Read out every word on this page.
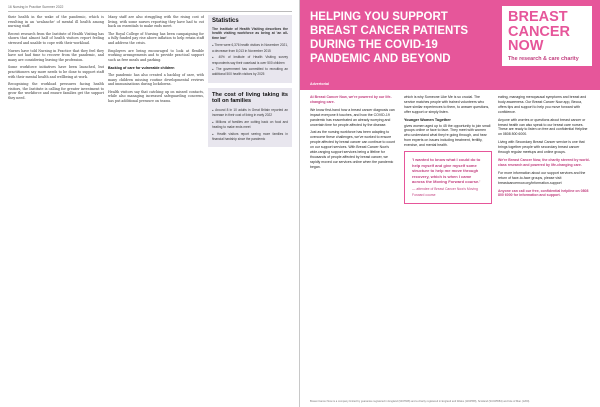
16 Nursing in Practice Summer 2022

their health in the wake of the pandemic, which is resulting in an 'avalanche' of mental ill health among nursing staff.

Recent research from the Institute of Health Visiting has shown that almost half of health visitors report feeling stressed and unable to cope with their workload.

Nurses have told Nursing in Practice that they feel they have not had time to recover from the pandemic, and many are considering leaving the profession.

Some workforce initiatives have been launched, but practitioners say more needs to be done to support staff with their mental health and wellbeing at work.

Recognising the workload pressures facing health visitors, the Institute is calling for greater investment to grow the workforce and ensure families get the support they need.

Many staff are also struggling with the rising cost of living, with some nurses reporting they have had to cut back on essentials to make ends meet.

The Royal College of Nursing has been campaigning for a fully funded pay rise above inflation to help retain staff and address the crisis.

Employers are being encouraged to look at flexible working arrangements and to provide practical support such as free meals and parking.

Backlog of care for vulnerable children

The pandemic has also created a backlog of care, with many children missing routine developmental reviews and immunisations during lockdowns.

Health visitors say that catching up on missed contacts, while also managing increased safeguarding concerns, has put additional pressure on teams.

Statistics
The Institute of Health Visiting describes the health visiting workforce as being at 'an all-time low'
● There were 6,376 health visitors in November 2021, a decrease from 8,013 in November 2015
● 40% of Institute of Health Visiting survey respondents say their caseload is over 500 children
● The government has committed to recruiting an additional 500 health visitors by 2025
The cost of living taking its toll on families
● Around 8 in 10 adults in Great Britain reported an increase in their cost of living in early 2022
● Millions of families are cutting back on food and heating to make ends meet
● Health visitors report seeing more families in financial hardship since the pandemic
HELPING YOU SUPPORT BREAST CANCER PATIENTS DURING THE COVID-19 PANDEMIC AND BEYOND
BREAST CANCER NOW
The research & care charity
Advertorial

At Breast Cancer Now, we're powered by our life-changing care.

We know first-hand how a breast cancer diagnosis can impact everyone it touches, and how the COVID-19 pandemic has exacerbated an already worrying and uncertain time for people affected by the disease.

Just as the nursing workforce has been adapting to overcome these challenges, we've worked to ensure people affected by breast cancer can continue to count on our support services. With Breast Cancer Now's wide-ranging support services being a lifeline for thousands of people affected by breast cancer, we rapidly moved our services online when the pandemic began.

which is why Someone Like Me is so crucial. The service matches people with trained volunteers who have similar experiences to them, to answer questions, offer support or simply listen.

Younger Women Together

gives women aged up to 45 the opportunity to join small groups online or face to face. They meet with women who understand what they're going through, and hear from experts on issues including treatment, fertility, exercise, and mental health.

'I wanted to know what I could do to help myself and give myself some structure to help me move through recovery, which is when I came across the Moving Forward course.'
— attendee of Breast Cancer Now's Moving Forward course

eating, managing menopausal symptoms and breast and body awareness. Our Breast Cancer Now app, Becca, offers tips and support to help you move forward with confidence.

Anyone with worries or questions about breast cancer or breast health can also speak to our breast care nurses. These are ready to listen on free and confidential Helpline on 0808 800 6000.

Living with Secondary Breast Cancer service is one that brings together people with secondary breast cancer through regular meetups and online groups.

We're Breast Cancer Now, the charity steered by world-class research and powered by life-changing care.

For more information about our support services and the return of face-to-face groups, please visit breastcancernow.org/information-support

Anyone can call our free, confidential helpline on 0808 800 6000 for information and support.

Breast Cancer Now is a company limited by guarantee registered in England (9347608) and a charity registered in England and Wales (1160558), Scotland (SC045584) and Isle of Man (1200).
